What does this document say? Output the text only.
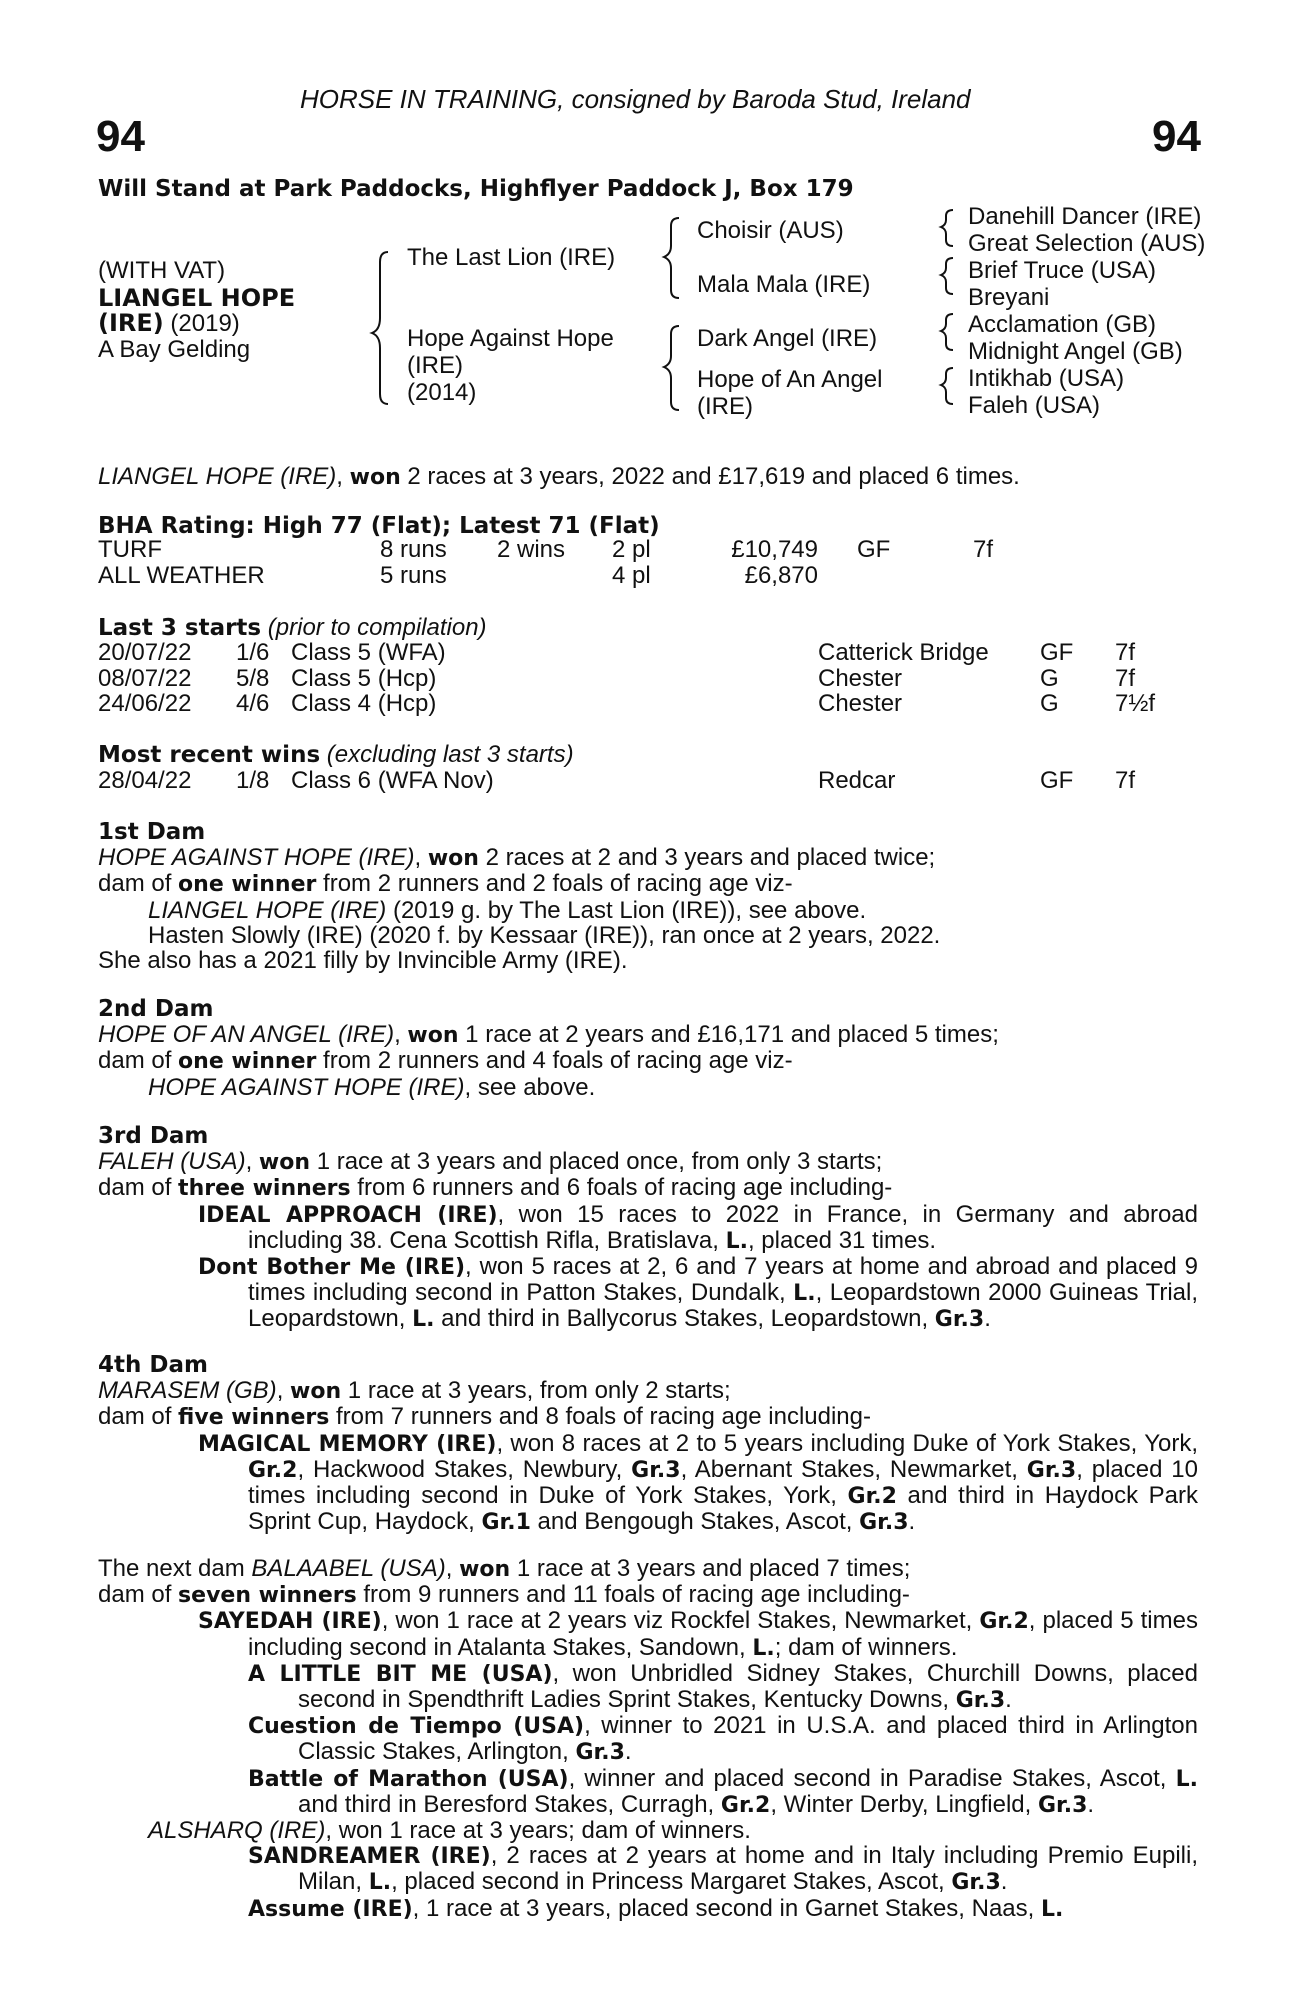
HORSE IN TRAINING, consigned by Baroda Stud, Ireland
94	94
Will Stand at Park Paddocks, Highflyer Paddock J, Box 179
(WITH VAT)
LIANGEL HOPE
(IRE) (2019)
A Bay Gelding
The Last Lion (IRE)
Hope Against Hope
(IRE)
(2014)
Choisir (AUS)
Mala Mala (IRE)
Dark Angel (IRE)
Hope of An Angel
(IRE)
Danehill Dancer (IRE)
Great Selection (AUS)
Brief Truce (USA)
Breyani
Acclamation (GB)
Midnight Angel (GB)
Intikhab (USA)
Faleh (USA)
LIANGEL HOPE (IRE), won 2 races at 3 years, 2022 and £17,619 and placed 6 times.
BHA Rating: High 77 (Flat); Latest 71 (Flat)
TURF	8 runs 2 wins 2 pl	£10,749 GF	7f
ALL WEATHER	5 runs	4 pl	£6,870
Last 3 starts (prior to compilation)
20/07/22 1/6 Class 5 (WFA)	Catterick Bridge GF 7f
08/07/22 5/8 Class 5 (Hcp)	Chester	G 7f
24/06/22 4/6 Class 4 (Hcp)	Chester	G 7½f
Most recent wins (excluding last 3 starts)
28/04/22 1/8 Class 6 (WFA Nov)	Redcar	GF 7f
1st Dam
HOPE AGAINST HOPE (IRE), won 2 races at 2 and 3 years and placed twice;
dam of one winner from 2 runners and 2 foals of racing age viz-
LIANGEL HOPE (IRE) (2019 g. by The Last Lion (IRE)), see above.
Hasten Slowly (IRE) (2020 f. by Kessaar (IRE)), ran once at 2 years, 2022.
She also has a 2021 filly by Invincible Army (IRE).
2nd Dam
HOPE OF AN ANGEL (IRE), won 1 race at 2 years and £16,171 and placed 5 times;
dam of one winner from 2 runners and 4 foals of racing age viz-
HOPE AGAINST HOPE (IRE), see above.
3rd Dam
FALEH (USA), won 1 race at 3 years and placed once, from only 3 starts;
dam of three winners from 6 runners and 6 foals of racing age including-
IDEAL APPROACH (IRE), won 15 races to 2022 in France, in Germany and abroad including 38. Cena Scottish Rifla, Bratislava, L., placed 31 times.
Dont Bother Me (IRE), won 5 races at 2, 6 and 7 years at home and abroad and placed 9 times including second in Patton Stakes, Dundalk, L., Leopardstown 2000 Guineas Trial, Leopardstown, L. and third in Ballycorus Stakes, Leopardstown, Gr.3.
4th Dam
MARASEM (GB), won 1 race at 3 years, from only 2 starts;
dam of five winners from 7 runners and 8 foals of racing age including-
MAGICAL MEMORY (IRE), won 8 races at 2 to 5 years including Duke of York Stakes, York, Gr.2, Hackwood Stakes, Newbury, Gr.3, Abernant Stakes, Newmarket, Gr.3, placed 10 times including second in Duke of York Stakes, York, Gr.2 and third in Haydock Park Sprint Cup, Haydock, Gr.1 and Bengough Stakes, Ascot, Gr.3.
The next dam BALAABEL (USA), won 1 race at 3 years and placed 7 times;
dam of seven winners from 9 runners and 11 foals of racing age including-
SAYEDAH (IRE), won 1 race at 2 years viz Rockfel Stakes, Newmarket, Gr.2, placed 5 times including second in Atalanta Stakes, Sandown, L.; dam of winners.
A LITTLE BIT ME (USA), won Unbridled Sidney Stakes, Churchill Downs, placed second in Spendthrift Ladies Sprint Stakes, Kentucky Downs, Gr.3.
Cuestion de Tiempo (USA), winner to 2021 in U.S.A. and placed third in Arlington Classic Stakes, Arlington, Gr.3.
Battle of Marathon (USA), winner and placed second in Paradise Stakes, Ascot, L. and third in Beresford Stakes, Curragh, Gr.2, Winter Derby, Lingfield, Gr.3.
ALSHARQ (IRE), won 1 race at 3 years; dam of winners.
SANDREAMER (IRE), 2 races at 2 years at home and in Italy including Premio Eupili, Milan, L., placed second in Princess Margaret Stakes, Ascot, Gr.3.
Assume (IRE), 1 race at 3 years, placed second in Garnet Stakes, Naas, L.
